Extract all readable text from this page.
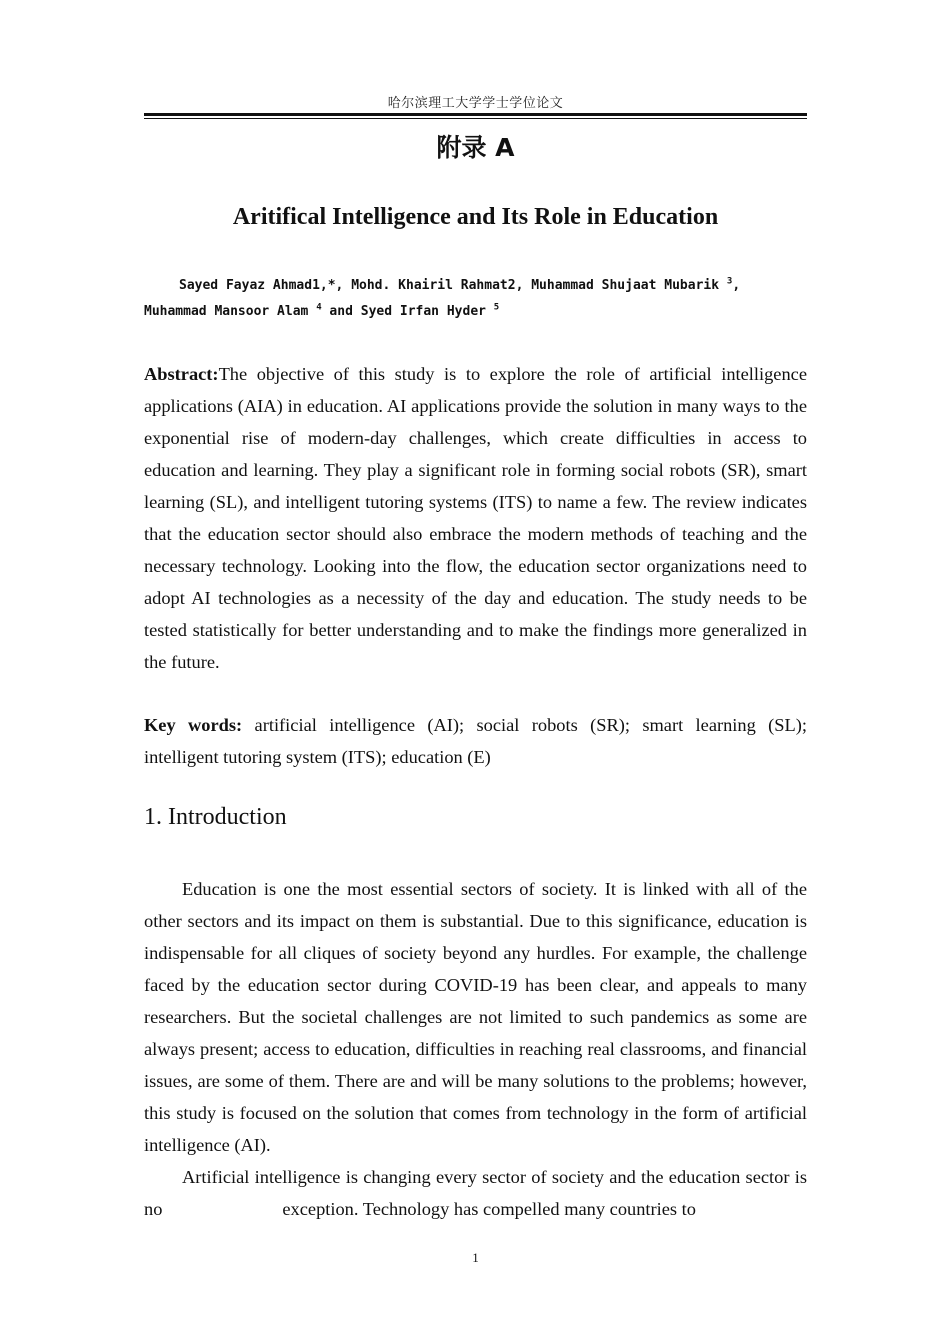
哈尔滨理工大学学士学位论文
附录 A
Aritifical Intelligence and Its Role in Education
Sayed Fayaz Ahmad1,*, Mohd. Khairil Rahmat2, Muhammad Shujaat Mubarik $^3$,
Muhammad Mansoor Alam $^4$ and Syed Irfan Hyder $^5$

Abstract:The objective of this study is to explore the role of artificial intelligence applications (AIA) in education. AI applications provide the solution in many ways to the exponential rise of modern-day challenges, which create difficulties in access to education and learning. They play a significant role in forming social robots (SR), smart learning (SL), and intelligent tutoring systems (ITS) to name a few. The review indicates that the education sector should also embrace the modern methods of teaching and the necessary technology. Looking into the flow, the education sector organizations need to adopt AI technologies as a necessity of the day and education. The study needs to be tested statistically for better understanding and to make the findings more generalized in the future.

Key words: artificial intelligence (AI); social robots (SR); smart learning (SL); intelligent tutoring system (ITS); education (E)

1. Introduction

Education is one the most essential sectors of society. It is linked with all of the other sectors and its impact on them is substantial. Due to this significance, education is indispensable for all cliques of society beyond any hurdles. For example, the challenge faced by the education sector during COVID-19 has been clear, and appeals to many researchers. But the societal challenges are not limited to such pandemics as some are always present; access to education, difficulties in reaching real classrooms, and financial issues, are some of them. There are and will be many solutions to the problems; however, this study is focused on the solution that comes from technology in the form of artificial intelligence (AI).

Artificial intelligence is changing every sector of society and the education sector is no	exception. Technology has compelled many countries to

1
